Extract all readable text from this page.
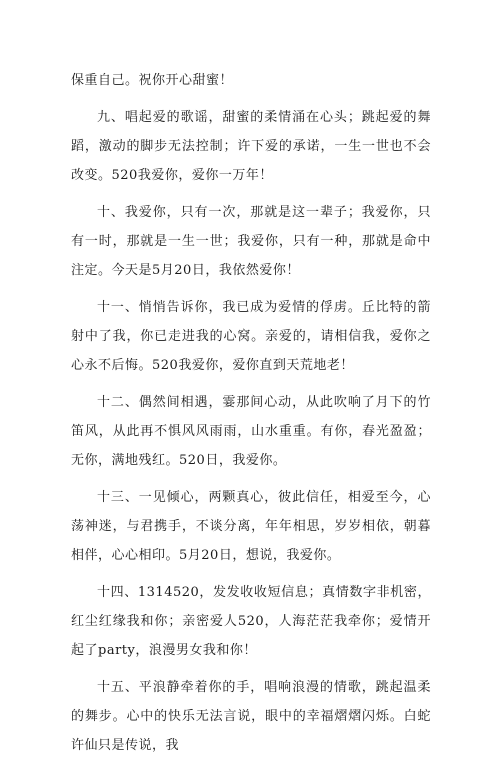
保重自己。祝你开心甜蜜！

九、唱起爱的歌谣，甜蜜的柔情涌在心头；跳起爱的舞蹈，激动的脚步无法控制；许下爱的承诺，一生一世也不会改变。520我爱你，爱你一万年！

十、我爱你，只有一次，那就是这一辈子；我爱你，只有一时，那就是一生一世；我爱你，只有一种，那就是命中注定。今天是5月20日，我依然爱你！

十一、悄悄告诉你，我已成为爱情的俘虏。丘比特的箭射中了我，你已走进我的心窝。亲爱的，请相信我，爱你之心永不后悔。520我爱你，爱你直到天荒地老！

十二、偶然间相遇，霎那间心动，从此吹响了月下的竹笛风，从此再不惧风风雨雨，山水重重。有你，春光盈盈；无你，满地残红。520日，我爱你。

十三、一见倾心，两颗真心，彼此信任，相爱至今，心荡神迷，与君携手，不谈分离，年年相思，岁岁相依，朝暮相伴，心心相印。5月20日，想说，我爱你。

十四、1314520，发发收收短信息；真情数字非机密，红尘红缘我和你；亲密爱人520，人海茫茫我牵你；爱情开起了party，浪漫男女我和你！

十五、平浪静牵着你的手，唱响浪漫的情歌，跳起温柔的舞步。心中的快乐无法言说，眼中的幸福熠熠闪烁。白蛇许仙只是传说，我
